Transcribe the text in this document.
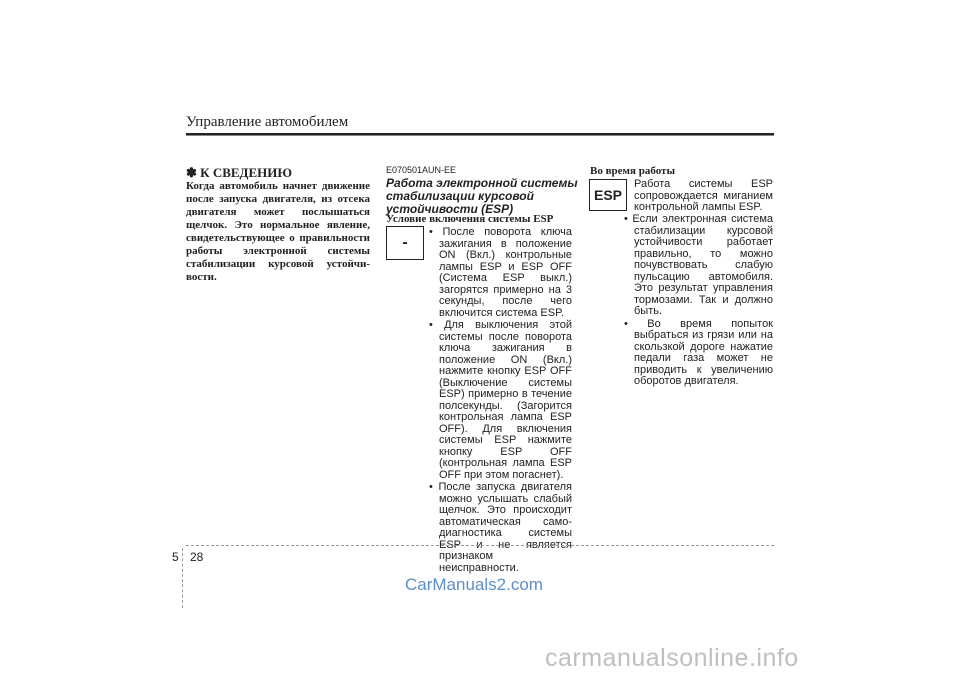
Управление автомобилем
✽ К СВЕДЕНИЮ
Когда автомобиль начнет движение после запуска двигателя, из отсека двигателя может послышаться щелчок. Это нормальное явление, свидетельствующее о правильности работы электронной системы стабилизации курсовой устойчи-вости.
E070501AUN-EE
Работа электронной системы стабилизации курсовой устойчивости (ESP)
Условие включения системы ESP
-

• После поворота ключа зажигания в положение ON (Вкл.) контрольные лампы ESP и ESP OFF (Система ESP выкл.) загорятся примерно на 3 секунды, после чего включится система ESP.

• Для выключения этой системы после поворота ключа зажигания в положение ON (Вкл.) нажмите кнопку ESP OFF (Выключение системы ESP) примерно в течение полсекунды. (Загорится контрольная лампа ESP OFF). Для включения системы ESP нажмите кнопку ESP OFF (контрольная лампа ESP OFF при этом погаснет).

• После запуска двигателя можно услышать слабый щелчок. Это происходит автоматическая само-диагностика системы ESP и не является признаком неисправности.

Во время работы
ESP
Работа системы ESP сопровождается миганием контрольной лампы ESP.

• Если электронная система стабилизации курсовой устойчивости работает правильно, то можно почувствовать слабую пульсацию автомобиля. Это результат управления тормозами. Так и должно быть.

• Во время попыток выбраться из грязи или на скользкой дороге нажатие педали газа может не приводить к увеличению оборотов двигателя.

5 28
CarManuals2.com
carmanualsonline.info
